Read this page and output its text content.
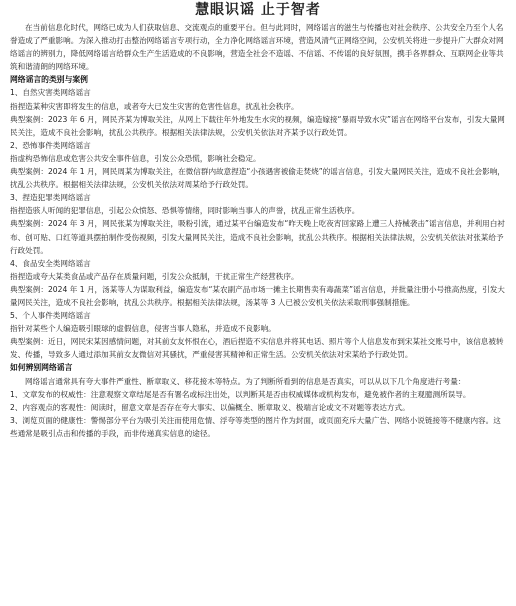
慧眼识谣 止于智者

在当前信息化时代，网络已成为人们获取信息、交流观点的重要平台。但与此同时，网络谣言的滋生与传播也对社会秩序、公共安全乃至个人名誉造成了严重影响。为深入推动打击整治网络谣言专项行动，全力净化网络谣言环境，营造风清气正网络空间，公安机关将进一步提升广大群众对网络谣言的辨别力，降低网络谣言给群众生产生活造成的不良影响，营造全社会不造谣、不信谣、不传谣的良好氛围，携手各界群众、互联网企业等共筑和谐清朗的网络环境。

网络谣言的类别与案例

1、自然灾害类网络谣言

指捏造某种灾害即将发生的信息，或者夸大已发生灾害的危害性信息，扰乱社会秩序。

典型案例：2023 年 6 月，网民齐某为博取关注，从网上下载往年外地发生水灾的视频，编造嫁接“暴雨导致水灾”谣言在网络平台发布，引发大量网民关注，造成不良社会影响，扰乱公共秩序。根据相关法律法规，公安机关依法对齐某予以行政处罚。

2、恐怖事件类网络谣言

指虚构恐怖信息或危害公共安全事件信息，引发公众恐慌，影响社会稳定。

典型案例：2024 年 1 月，网民周某为博取关注，在微信群内故意捏造“小孩遇害被偷走焚烧”的谣言信息，引发大量网民关注，造成不良社会影响，扰乱公共秩序。根据相关法律法规，公安机关依法对周某给予行政处罚。

3、捏造犯罪类网络谣言

指捏造骇人听闻的犯罪信息，引起公众愤怒、恐惧等情绪，同时影响当事人的声誉，扰乱正常生活秩序。

典型案例：2024 年 3 月，网民张某为博取关注，吸粉引流，通过某平台编造发布“昨天晚上吃夜宵回家路上遭三人持械袭击”谣言信息，并利用白衬布、创可贴、口红等道具摆拍制作受伤视频，引发大量网民关注，造成不良社会影响，扰乱公共秩序。根据相关法律法规，公安机关依法对张某给予行政处罚。

4、食品安全类网络谣言

指捏造或夸大某类食品或产品存在质量问题，引发公众抵制，干扰正常生产经营秩序。

典型案例：2024 年 1 月，汤某等人为谋取利益，编造发布“某农副产品市场一摊主长期售卖有毒蔬菜”谣言信息，并批量注册小号推高热度，引发大量网民关注，造成不良社会影响，扰乱公共秩序。根据相关法律法规，汤某等 3 人已被公安机关依法采取刑事强制措施。

5、个人事件类网络谣言

指针对某些个人编造吸引眼球的虚假信息，侵害当事人隐私，并造成不良影响。

典型案例：近日，网民宋某因感情问题，对其前女友怀恨在心，酒后捏造不实信息并将其电话、照片等个人信息发布到宋某社交账号中，该信息被转发、传播，导致多人通过添加其前女友微信对其骚扰，严重侵害其精神和正常生活。公安机关依法对宋某给予行政处罚。

如何辨别网络谣言

网络谣言通常具有夸大事件严重性、断章取义、移花接木等特点。为了判断所看到的信息是否真实，可以从以下几个角度进行考量：

1、文章发布的权威性：注意观察文章结尾是否有署名或标注出处，以判断其是否由权威媒体或机构发布，避免被作者的主观臆测所误导。

2、内容观点的客观性：阅读时，留意文章是否存在夸大事实、以偏概全、断章取义、极端言论或文不对题等表达方式。

3、浏览页面的健康性：警惕部分平台为吸引关注而使用危情、浮夸等类型的图片作为封面，或页面充斥大量广告、网络小说链接等不健康内容。这些通常是吸引点击和传播的手段，而非传递真实信息的途径。
